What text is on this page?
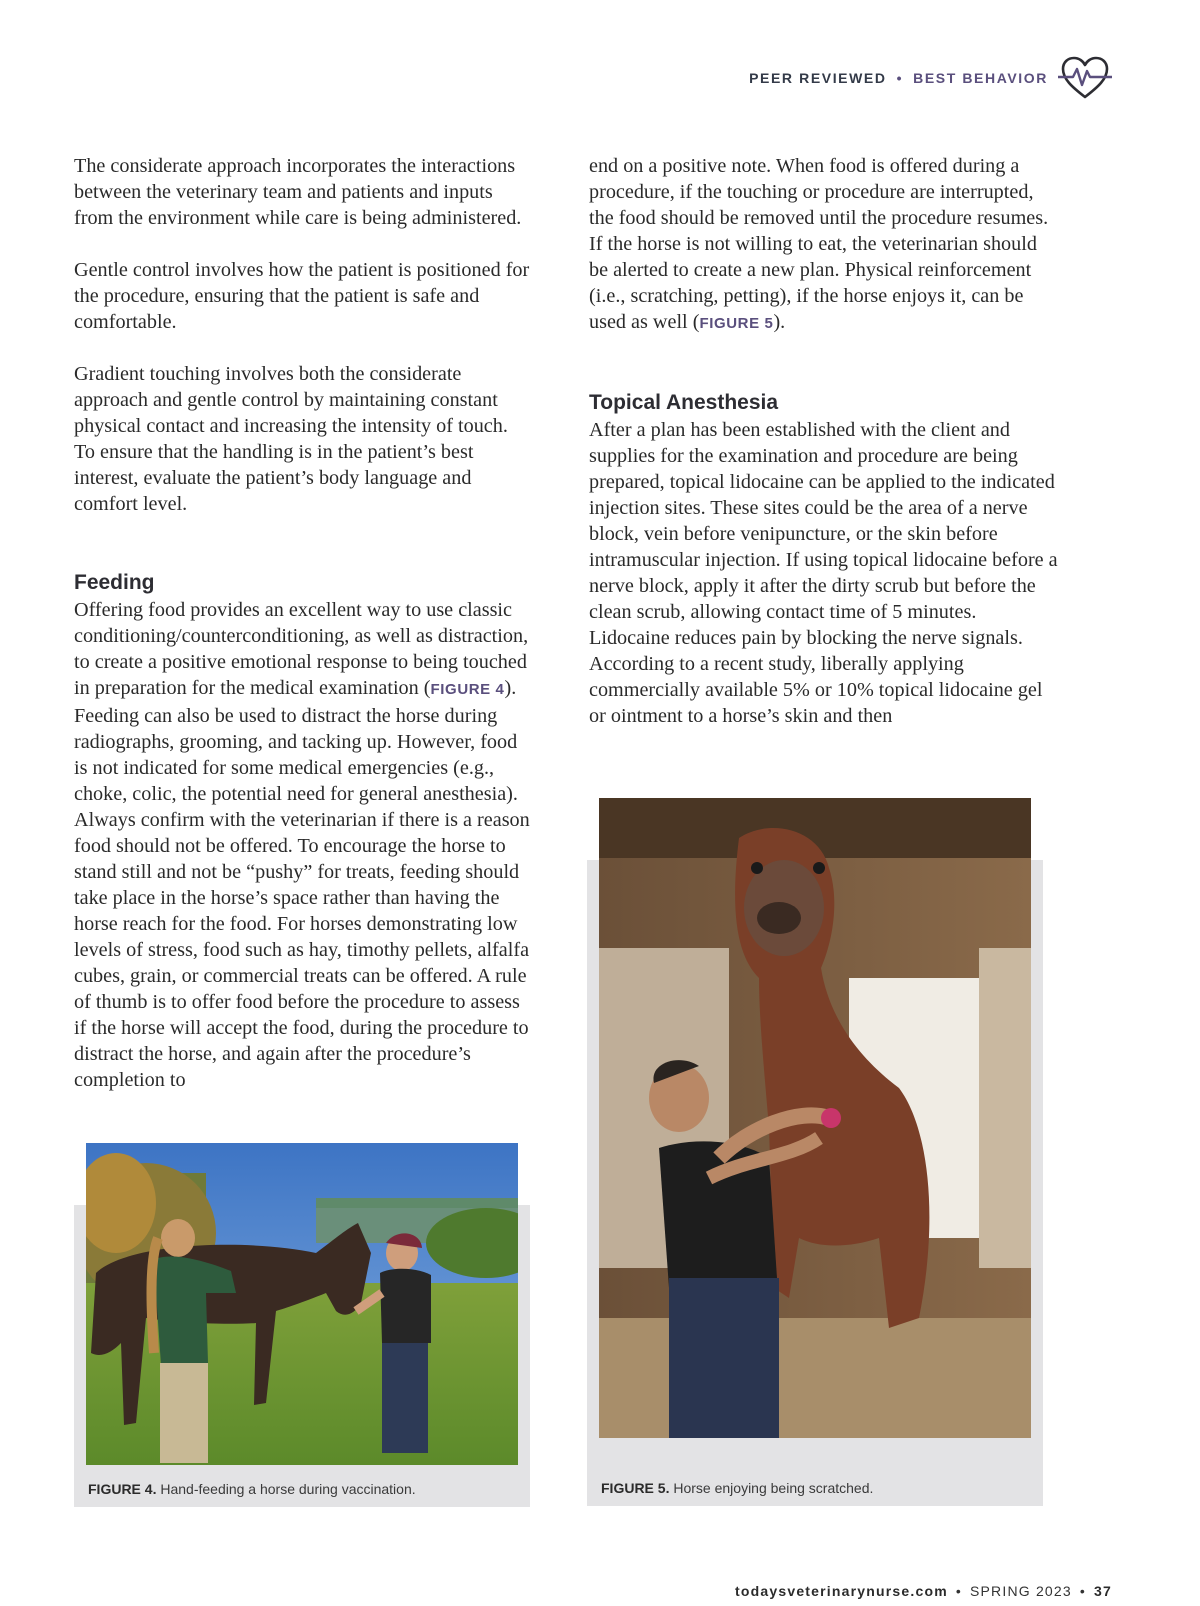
PEER REVIEWED • BEST BEHAVIOR

The considerate approach incorporates the interactions between the veterinary team and patients and inputs from the environment while care is being administered.

Gentle control involves how the patient is positioned for the procedure, ensuring that the patient is safe and comfortable.

Gradient touching involves both the considerate approach and gentle control by maintaining constant physical contact and increasing the intensity of touch. To ensure that the handling is in the patient’s best interest, evaluate the patient’s body language and comfort level.

Feeding

Offering food provides an excellent way to use classic conditioning/counterconditioning, as well as distraction, to create a positive emotional response to being touched in preparation for the medical examination (FIGURE 4). Feeding can also be used to distract the horse during radiographs, grooming, and tacking up. However, food is not indicated for some medical emergencies (e.g., choke, colic, the potential need for general anesthesia). Always confirm with the veterinarian if there is a reason food should not be offered. To encourage the horse to stand still and not be “pushy” for treats, feeding should take place in the horse’s space rather than having the horse reach for the food. For horses demonstrating low levels of stress, food such as hay, timothy pellets, alfalfa cubes, grain, or commercial treats can be offered. A rule of thumb is to offer food before the procedure to assess if the horse will accept the food, during the procedure to distract the horse, and again after the procedure’s completion to

end on a positive note. When food is offered during a procedure, if the touching or procedure are interrupted, the food should be removed until the procedure resumes. If the horse is not willing to eat, the veterinarian should be alerted to create a new plan. Physical reinforcement (i.e., scratching, petting), if the horse enjoys it, can be used as well (FIGURE 5).

Topical Anesthesia

After a plan has been established with the client and supplies for the examination and procedure are being prepared, topical lidocaine can be applied to the indicated injection sites. These sites could be the area of a nerve block, vein before venipuncture, or the skin before intramuscular injection. If using topical lidocaine before a nerve block, apply it after the dirty scrub but before the clean scrub, allowing contact time of 5 minutes. Lidocaine reduces pain by blocking the nerve signals. According to a recent study, liberally applying commercially available 5% or 10% topical lidocaine gel or ointment to a horse’s skin and then

FIGURE 4. Hand-feeding a horse during vaccination.	FIGURE 5. Horse enjoying being scratched.
todaysveterinarynurse.com • SPRING 2023 • 37
